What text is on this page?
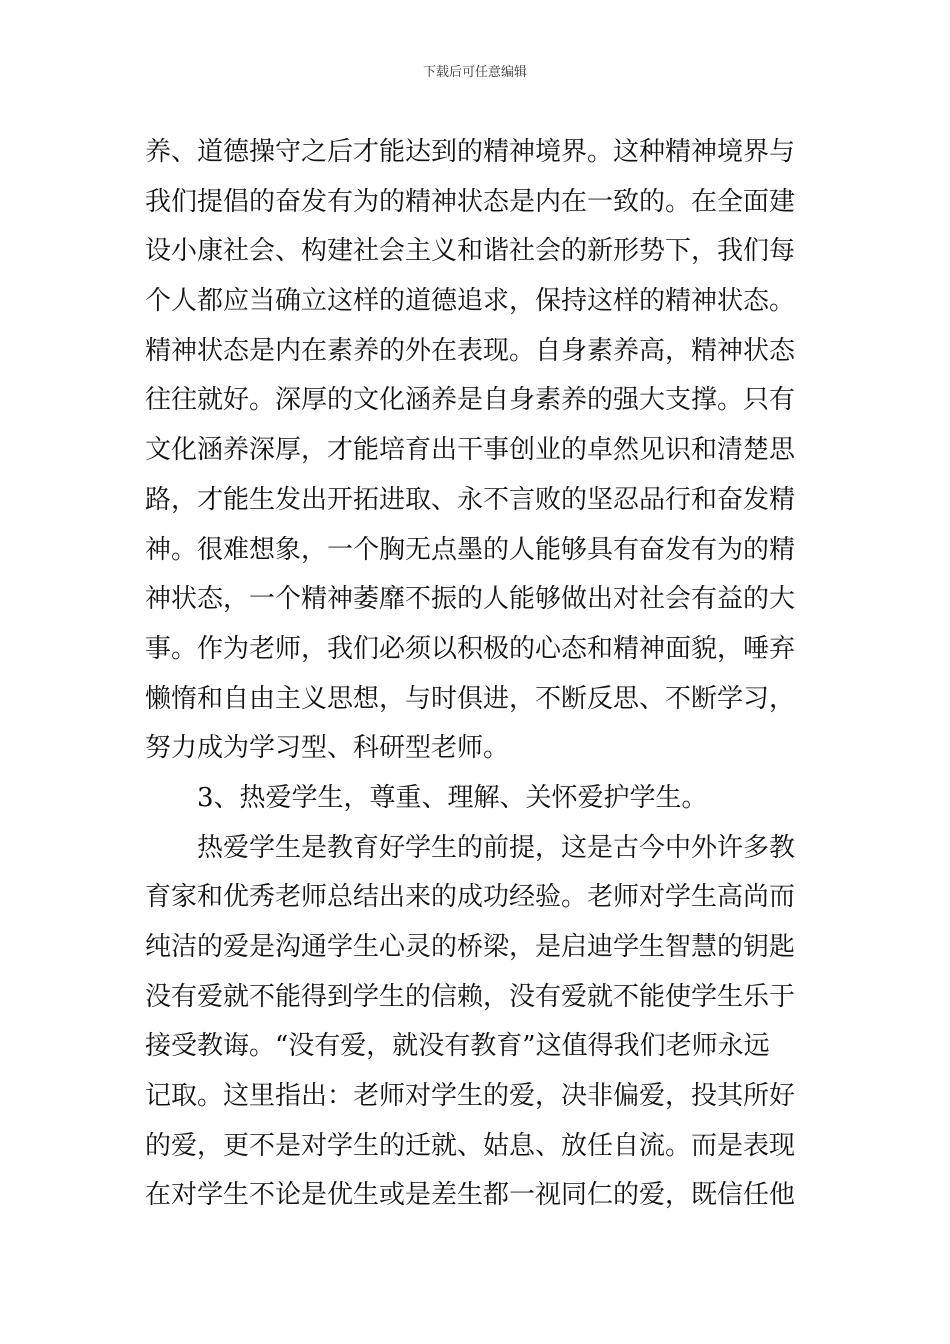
下载后可任意编辑
养、道德操守之后才能达到的精神境界。这种精神境界与
我们提倡的奋发有为的精神状态是内在一致的。在全面建
设小康社会、构建社会主义和谐社会的新形势下，我们每
个人都应当确立这样的道德追求，保持这样的精神状态。
精神状态是内在素养的外在表现。自身素养高，精神状态
往往就好。深厚的文化涵养是自身素养的强大支撑。只有
文化涵养深厚，才能培育出干事创业的卓然见识和清楚思
路，才能生发出开拓进取、永不言败的坚忍品行和奋发精
神。很难想象，一个胸无点墨的人能够具有奋发有为的精
神状态，一个精神萎靡不振的人能够做出对社会有益的大
事。作为老师，我们必须以积极的心态和精神面貌，唾弃
懒惰和自由主义思想，与时俱进，不断反思、不断学习，
努力成为学习型、科研型老师。
3、热爱学生，尊重、理解、关怀爱护学生。
热爱学生是教育好学生的前提，这是古今中外许多教
育家和优秀老师总结出来的成功经验。老师对学生高尚而
纯洁的爱是沟通学生心灵的桥梁，是启迪学生智慧的钥匙
没有爱就不能得到学生的信赖，没有爱就不能使学生乐于
接受教诲。“没有爱，就没有教育”这值得我们老师永远
记取。这里指出：老师对学生的爱，决非偏爱，投其所好
的爱，更不是对学生的迁就、姑息、放任自流。而是表现
在对学生不论是优生或是差生都一视同仁的爱，既信任他
